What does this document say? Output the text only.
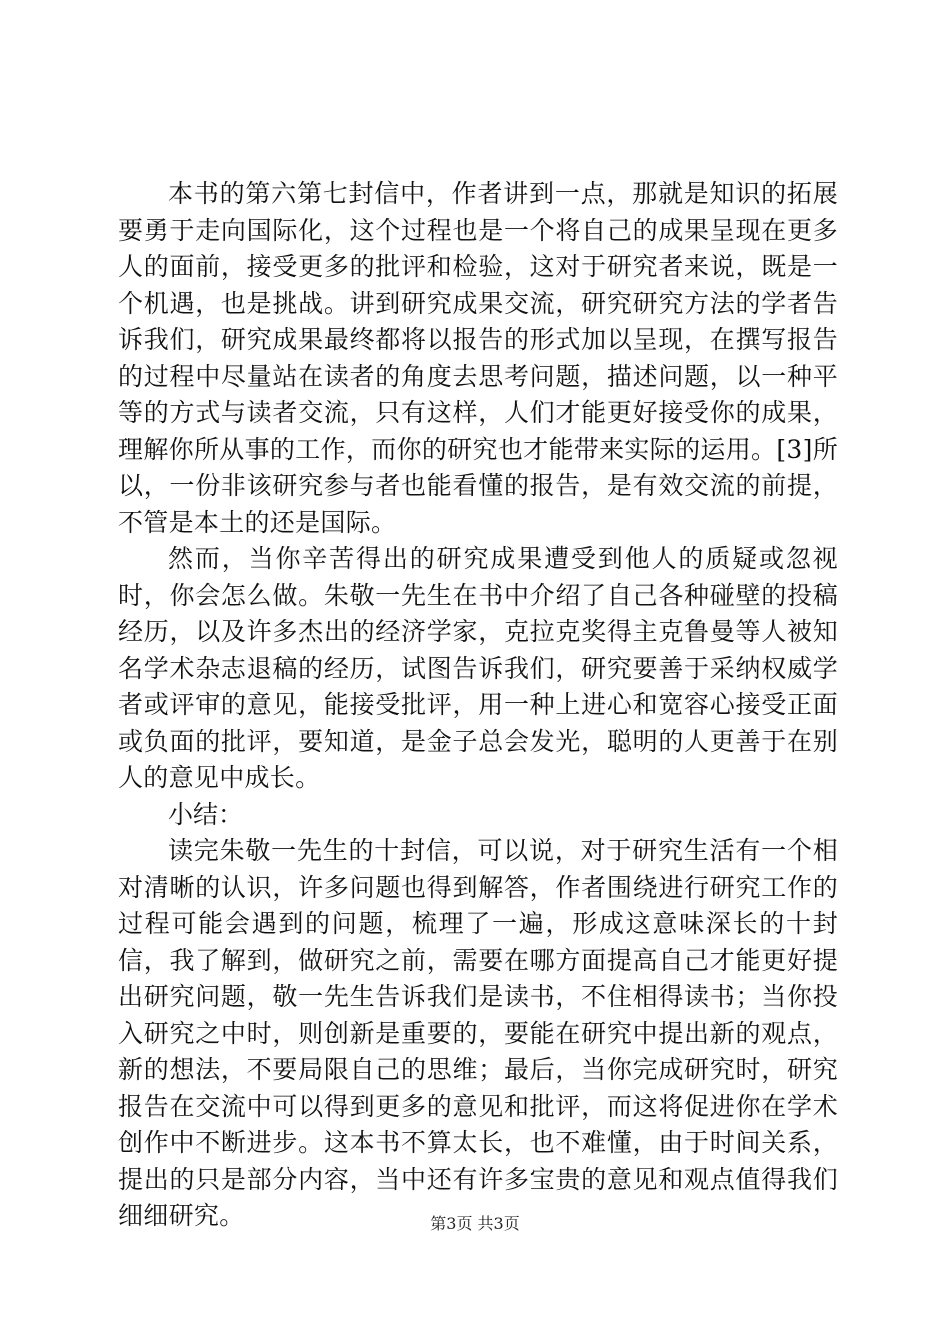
本书的第六第七封信中，作者讲到一点，那就是知识的拓展要勇于走向国际化，这个过程也是一个将自己的成果呈现在更多人的面前，接受更多的批评和检验，这对于研究者来说，既是一个机遇，也是挑战。讲到研究成果交流，研究研究方法的学者告诉我们，研究成果最终都将以报告的形式加以呈现，在撰写报告的过程中尽量站在读者的角度去思考问题，描述问题，以一种平等的方式与读者交流，只有这样，人们才能更好接受你的成果，理解你所从事的工作，而你的研究也才能带来实际的运用。[3]所以，一份非该研究参与者也能看懂的报告，是有效交流的前提，不管是本土的还是国际。

然而，当你辛苦得出的研究成果遭受到他人的质疑或忽视时，你会怎么做。朱敬一先生在书中介绍了自己各种碰壁的投稿经历，以及许多杰出的经济学家，克拉克奖得主克鲁曼等人被知名学术杂志退稿的经历，试图告诉我们，研究要善于采纳权威学者或评审的意见，能接受批评，用一种上进心和宽容心接受正面或负面的批评，要知道，是金子总会发光，聪明的人更善于在别人的意见中成长。

小结：

读完朱敬一先生的十封信，可以说，对于研究生活有一个相对清晰的认识，许多问题也得到解答，作者围绕进行研究工作的过程可能会遇到的问题，梳理了一遍，形成这意味深长的十封信，我了解到，做研究之前，需要在哪方面提高自己才能更好提出研究问题，敬一先生告诉我们是读书，不住相得读书；当你投入研究之中时，则创新是重要的，要能在研究中提出新的观点，新的想法，不要局限自己的思维；最后，当你完成研究时，研究报告在交流中可以得到更多的意见和批评，而这将促进你在学术创作中不断进步。这本书不算太长，也不难懂，由于时间关系，提出的只是部分内容，当中还有许多宝贵的意见和观点值得我们细细研究。	第3页 共3页
